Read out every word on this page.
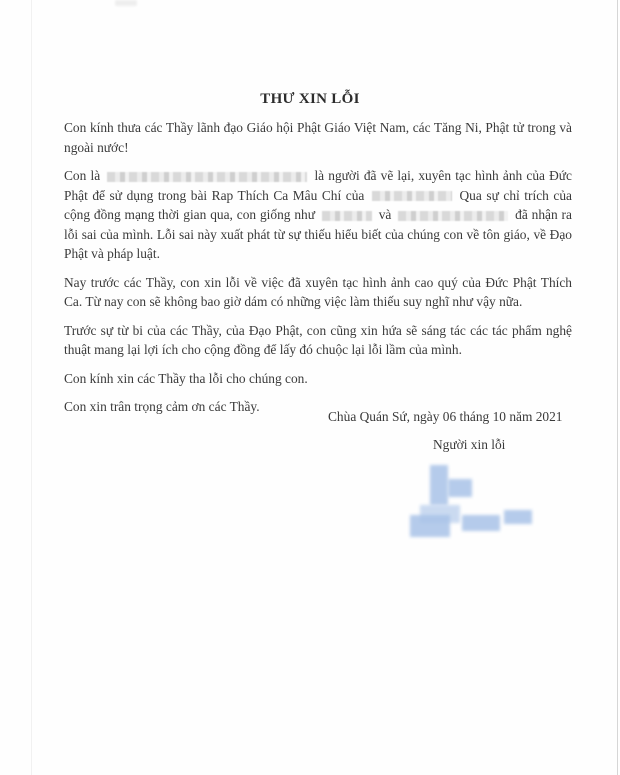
THƯ XIN LỖI

Con kính thưa các Thầy lãnh đạo Giáo hội Phật Giáo Việt Nam, các Tăng Ni, Phật tử trong và ngoài nước!

Con là	là người đã vẽ lại, xuyên tạc hình ảnh của Đức Phật để sử dụng trong bài Rap Thích Ca Mâu Chí của	Qua sự chỉ trích của cộng đồng mạng thời gian qua, con giống như	và	đã nhận ra lỗi sai của mình. Lỗi sai này xuất phát từ sự thiếu hiểu biết của chúng con về tôn giáo, về Đạo Phật và pháp luật.

Nay trước các Thầy, con xin lỗi về việc đã xuyên tạc hình ảnh cao quý của Đức Phật Thích Ca. Từ nay con sẽ không bao giờ dám có những việc làm thiếu suy nghĩ như vậy nữa.

Trước sự từ bi của các Thầy, của Đạo Phật, con cũng xin hứa sẽ sáng tác các tác phẩm nghệ thuật mang lại lợi ích cho cộng đồng để lấy đó chuộc lại lỗi lầm của mình.

Con kính xin các Thầy tha lỗi cho chúng con.

Con xin trân trọng cảm ơn các Thầy.

Chùa Quán Sứ, ngày 06 tháng 10 năm 2021
Người xin lỗi
